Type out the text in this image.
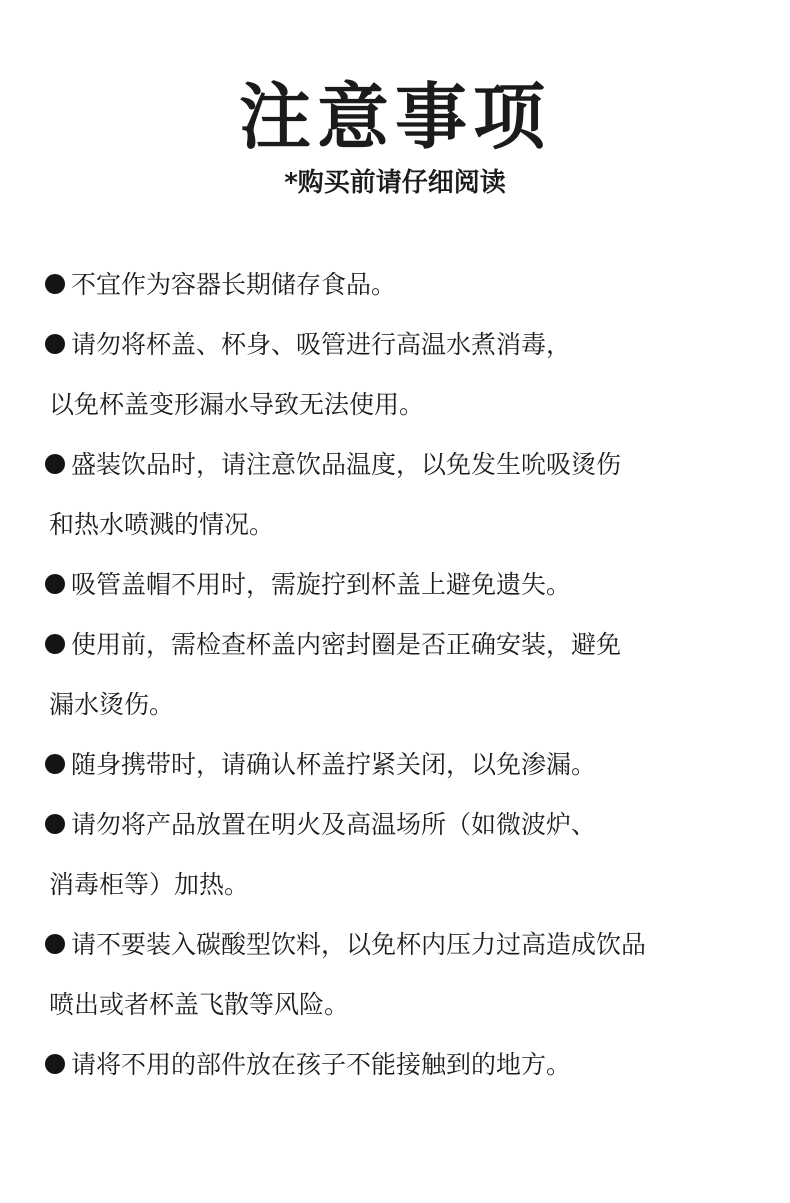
注意事项

*购买前请仔细阅读

不宜作为容器长期储存食品。
请勿将杯盖、杯身、吸管进行高温水煮消毒，
以免杯盖变形漏水导致无法使用。
盛装饮品时，请注意饮品温度，以免发生吮吸烫伤
和热水喷溅的情况。
吸管盖帽不用时，需旋拧到杯盖上避免遗失。
使用前，需检查杯盖内密封圈是否正确安装，避免
漏水烫伤。
随身携带时，请确认杯盖拧紧关闭，以免渗漏。
请勿将产品放置在明火及高温场所（如微波炉、
消毒柜等）加热。
请不要装入碳酸型饮料，以免杯内压力过高造成饮品
喷出或者杯盖飞散等风险。
请将不用的部件放在孩子不能接触到的地方。
